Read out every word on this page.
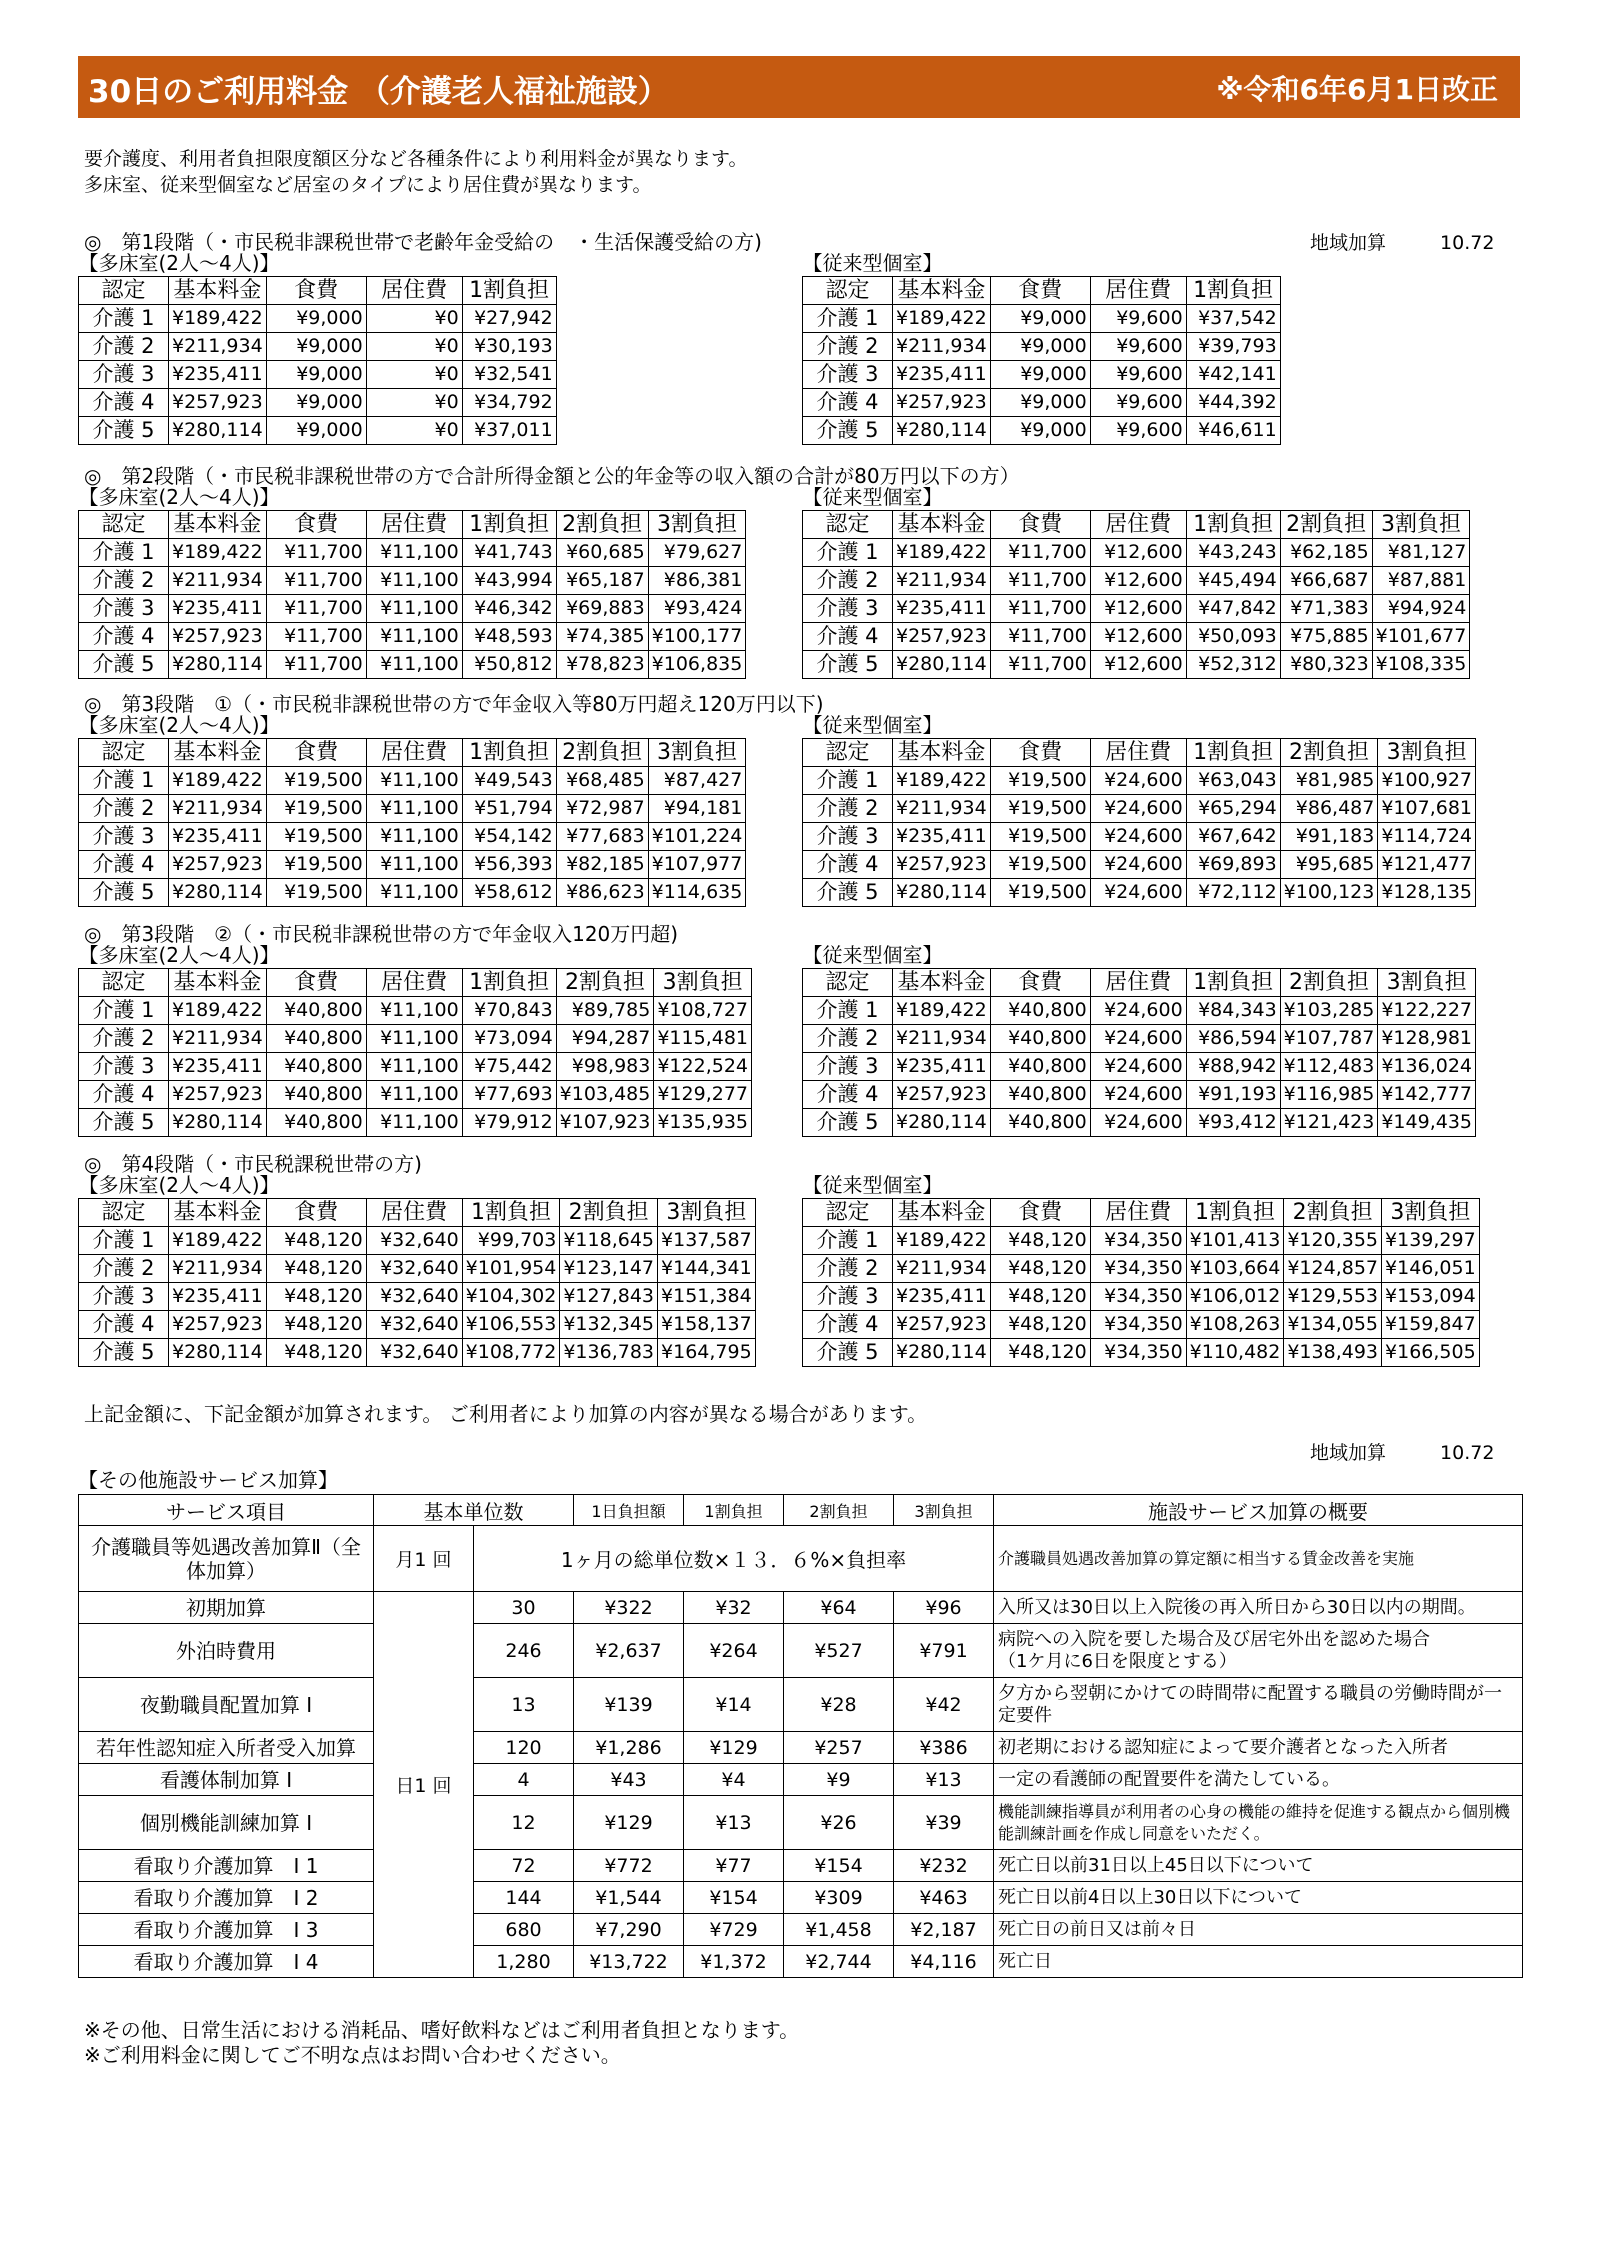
30日のご利用料金 （介護老人福祉施設）	※令和6年6月1日改正
要介護度、利用者負担限度額区分など各種条件により利用料金が異なります。
多床室、従来型個室など居室のタイプにより居住費が異なります。
地域加算	10.72
◎　第1段階（・市民税非課税世帯で老齢年金受給の　・生活保護受給の方)
【多床室(2人～4人)】				
認定	基本料金	食費	居住費	1割負担
介護 1	¥189,422	¥9,000	¥0	¥27,942
介護 2	¥211,934	¥9,000	¥0	¥30,193
介護 3	¥235,411	¥9,000	¥0	¥32,541
介護 4	¥257,923	¥9,000	¥0	¥34,792
介護 5	¥280,114	¥9,000	¥0	¥37,011
【従来型個室】				
認定	基本料金	食費	居住費	1割負担
介護 1	¥189,422	¥9,000	¥9,600	¥37,542
介護 2	¥211,934	¥9,000	¥9,600	¥39,793
介護 3	¥235,411	¥9,000	¥9,600	¥42,141
介護 4	¥257,923	¥9,000	¥9,600	¥44,392
介護 5	¥280,114	¥9,000	¥9,600	¥46,611
◎　第2段階（・市民税非課税世帯の方で合計所得金額と公的年金等の収入額の合計が80万円以下の方）
【多床室(2人～4人)】						
認定	基本料金	食費	居住費	1割負担	2割負担	3割負担
介護 1	¥189,422	¥11,700	¥11,100	¥41,743	¥60,685	¥79,627
介護 2	¥211,934	¥11,700	¥11,100	¥43,994	¥65,187	¥86,381
介護 3	¥235,411	¥11,700	¥11,100	¥46,342	¥69,883	¥93,424
介護 4	¥257,923	¥11,700	¥11,100	¥48,593	¥74,385	¥100,177
介護 5	¥280,114	¥11,700	¥11,100	¥50,812	¥78,823	¥106,835
【従来型個室】						
認定	基本料金	食費	居住費	1割負担	2割負担	3割負担
介護 1	¥189,422	¥11,700	¥12,600	¥43,243	¥62,185	¥81,127
介護 2	¥211,934	¥11,700	¥12,600	¥45,494	¥66,687	¥87,881
介護 3	¥235,411	¥11,700	¥12,600	¥47,842	¥71,383	¥94,924
介護 4	¥257,923	¥11,700	¥12,600	¥50,093	¥75,885	¥101,677
介護 5	¥280,114	¥11,700	¥12,600	¥52,312	¥80,323	¥108,335
◎　第3段階　①（・市民税非課税世帯の方で年金収入等80万円超え120万円以下)
【多床室(2人～4人)】						
認定	基本料金	食費	居住費	1割負担	2割負担	3割負担
介護 1	¥189,422	¥19,500	¥11,100	¥49,543	¥68,485	¥87,427
介護 2	¥211,934	¥19,500	¥11,100	¥51,794	¥72,987	¥94,181
介護 3	¥235,411	¥19,500	¥11,100	¥54,142	¥77,683	¥101,224
介護 4	¥257,923	¥19,500	¥11,100	¥56,393	¥82,185	¥107,977
介護 5	¥280,114	¥19,500	¥11,100	¥58,612	¥86,623	¥114,635
【従来型個室】						
認定	基本料金	食費	居住費	1割負担	2割負担	3割負担
介護 1	¥189,422	¥19,500	¥24,600	¥63,043	¥81,985	¥100,927
介護 2	¥211,934	¥19,500	¥24,600	¥65,294	¥86,487	¥107,681
介護 3	¥235,411	¥19,500	¥24,600	¥67,642	¥91,183	¥114,724
介護 4	¥257,923	¥19,500	¥24,600	¥69,893	¥95,685	¥121,477
介護 5	¥280,114	¥19,500	¥24,600	¥72,112	¥100,123	¥128,135
◎　第3段階　②（・市民税非課税世帯の方で年金収入120万円超)
【多床室(2人～4人)】						
認定	基本料金	食費	居住費	1割負担	2割負担	3割負担
介護 1	¥189,422	¥40,800	¥11,100	¥70,843	¥89,785	¥108,727
介護 2	¥211,934	¥40,800	¥11,100	¥73,094	¥94,287	¥115,481
介護 3	¥235,411	¥40,800	¥11,100	¥75,442	¥98,983	¥122,524
介護 4	¥257,923	¥40,800	¥11,100	¥77,693	¥103,485	¥129,277
介護 5	¥280,114	¥40,800	¥11,100	¥79,912	¥107,923	¥135,935
【従来型個室】						
認定	基本料金	食費	居住費	1割負担	2割負担	3割負担
介護 1	¥189,422	¥40,800	¥24,600	¥84,343	¥103,285	¥122,227
介護 2	¥211,934	¥40,800	¥24,600	¥86,594	¥107,787	¥128,981
介護 3	¥235,411	¥40,800	¥24,600	¥88,942	¥112,483	¥136,024
介護 4	¥257,923	¥40,800	¥24,600	¥91,193	¥116,985	¥142,777
介護 5	¥280,114	¥40,800	¥24,600	¥93,412	¥121,423	¥149,435
◎　第4段階（・市民税課税世帯の方)
【多床室(2人～4人)】						
認定	基本料金	食費	居住費	1割負担	2割負担	3割負担
介護 1	¥189,422	¥48,120	¥32,640	¥99,703	¥118,645	¥137,587
介護 2	¥211,934	¥48,120	¥32,640	¥101,954	¥123,147	¥144,341
介護 3	¥235,411	¥48,120	¥32,640	¥104,302	¥127,843	¥151,384
介護 4	¥257,923	¥48,120	¥32,640	¥106,553	¥132,345	¥158,137
介護 5	¥280,114	¥48,120	¥32,640	¥108,772	¥136,783	¥164,795
【従来型個室】						
認定	基本料金	食費	居住費	1割負担	2割負担	3割負担
介護 1	¥189,422	¥48,120	¥34,350	¥101,413	¥120,355	¥139,297
介護 2	¥211,934	¥48,120	¥34,350	¥103,664	¥124,857	¥146,051
介護 3	¥235,411	¥48,120	¥34,350	¥106,012	¥129,553	¥153,094
介護 4	¥257,923	¥48,120	¥34,350	¥108,263	¥134,055	¥159,847
介護 5	¥280,114	¥48,120	¥34,350	¥110,482	¥138,493	¥166,505
上記金額に、下記金額が加算されます。 ご利用者により加算の内容が異なる場合があります。
地域加算	10.72
【その他施設サービス加算】
サービス項目	基本単位数		1日負担額	1割負担	2割負担	3割負担	施設サービス加算の概要
介護職員等処遇改善加算Ⅱ（全体加算）	月1 回	1ヶ月の総単位数×１３．６%×負担率					介護職員処遇改善加算の算定額に相当する賃金改善を実施
初期加算	日1 回	30	¥322	¥32	¥64	¥96	入所又は30日以上入院後の再入所日から30日以内の期間。
外泊時費用		246	¥2,637	¥264	¥527	¥791	病院への入院を要した場合及び居宅外出を認めた場合　　　　（1ケ月に6日を限度とする）
夜勤職員配置加算 I		13	¥139	¥14	¥28	¥42	夕方から翌朝にかけての時間帯に配置する職員の労働時間が一定要件
若年性認知症入所者受入加算		120	¥1,286	¥129	¥257	¥386	初老期における認知症によって要介護者となった入所者
看護体制加算 I		4	¥43	¥4	¥9	¥13	一定の看護師の配置要件を満たしている。
個別機能訓練加算 I		12	¥129	¥13	¥26	¥39	機能訓練指導員が利用者の心身の機能の維持を促進する観点から個別機能訓練計画を作成し同意をいただく。
看取り介護加算　I 1		72	¥772	¥77	¥154	¥232	死亡日以前31日以上45日以下について
看取り介護加算　I 2		144	¥1,544	¥154	¥309	¥463	死亡日以前4日以上30日以下について
看取り介護加算　I 3		680	¥7,290	¥729	¥1,458	¥2,187	死亡日の前日又は前々日
看取り介護加算　I 4		1,280	¥13,722	¥1,372	¥2,744	¥4,116	死亡日
※その他、日常生活における消耗品、嗜好飲料などはご利用者負担となります。
※ご利用料金に関してご不明な点はお問い合わせください。
